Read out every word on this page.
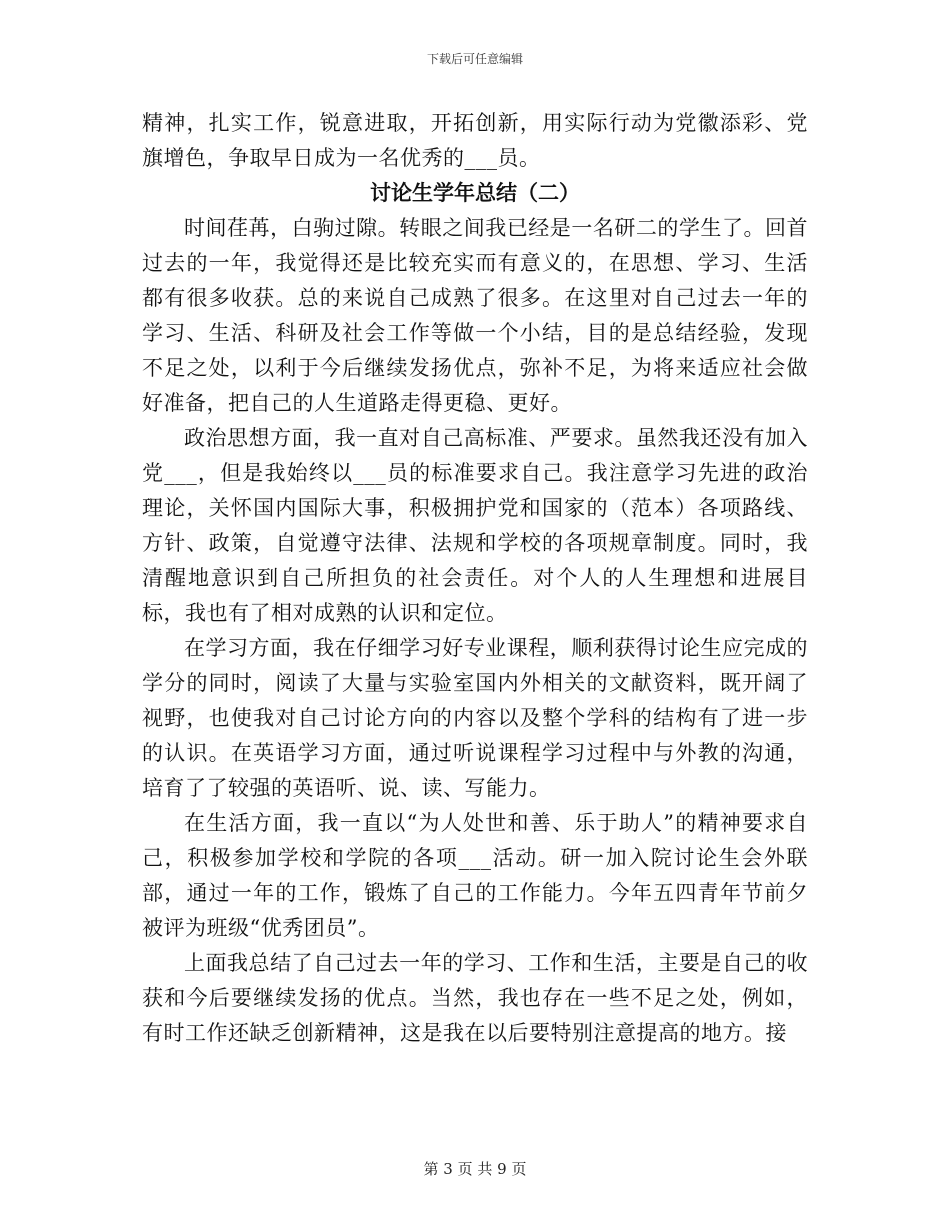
下载后可任意编辑

精神，扎实工作，锐意进取，开拓创新，用实际行动为党徽添彩、党旗增色，争取早日成为一名优秀的___员。

讨论生学年总结（二）

时间荏苒，白驹过隙。转眼之间我已经是一名研二的学生了。回首过去的一年，我觉得还是比较充实而有意义的，在思想、学习、生活都有很多收获。总的来说自己成熟了很多。在这里对自己过去一年的学习、生活、科研及社会工作等做一个小结，目的是总结经验，发现不足之处，以利于今后继续发扬优点，弥补不足，为将来适应社会做好准备，把自己的人生道路走得更稳、更好。

政治思想方面，我一直对自己高标准、严要求。虽然我还没有加入党___，但是我始终以___员的标准要求自己。我注意学习先进的政治理论，关怀国内国际大事，积极拥护党和国家的（范本）各项路线、方针、政策，自觉遵守法律、法规和学校的各项规章制度。同时，我清醒地意识到自己所担负的社会责任。对个人的人生理想和进展目标，我也有了相对成熟的认识和定位。

在学习方面，我在仔细学习好专业课程，顺利获得讨论生应完成的学分的同时，阅读了大量与实验室国内外相关的文献资料，既开阔了视野，也使我对自己讨论方向的内容以及整个学科的结构有了进一步的认识。在英语学习方面，通过听说课程学习过程中与外教的沟通，培育了了较强的英语听、说、读、写能力。

在生活方面，我一直以“为人处世和善、乐于助人”的精神要求自己，积极参加学校和学院的各项___活动。研一加入院讨论生会外联部，通过一年的工作，锻炼了自己的工作能力。今年五四青年节前夕被评为班级“优秀团员”。

上面我总结了自己过去一年的学习、工作和生活，主要是自己的收获和今后要继续发扬的优点。当然，我也存在一些不足之处，例如，有时工作还缺乏创新精神，这是我在以后要特别注意提高的地方。接

第 3 页 共 9 页
